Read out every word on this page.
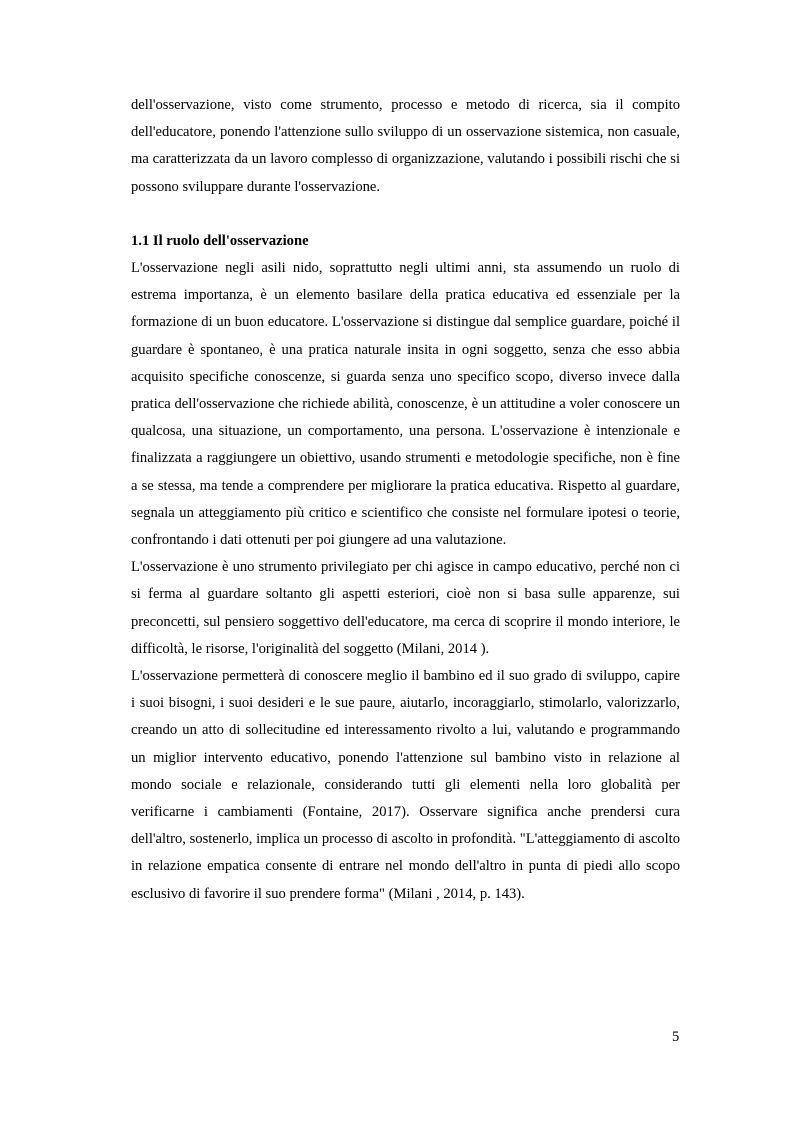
dell'osservazione, visto come strumento, processo e metodo di ricerca, sia il compito dell'educatore, ponendo l'attenzione sullo sviluppo di un osservazione sistemica, non casuale, ma caratterizzata da un lavoro complesso di organizzazione, valutando i possibili rischi che si possono sviluppare durante l'osservazione.

1.1 Il ruolo dell'osservazione

L'osservazione negli asili nido, soprattutto negli ultimi anni, sta assumendo un ruolo di estrema importanza, è un elemento basilare della pratica educativa ed essenziale per la formazione di un buon educatore. L'osservazione si distingue dal semplice guardare, poiché il guardare è spontaneo, è una pratica naturale insita in ogni soggetto, senza che esso abbia acquisito specifiche conoscenze, si guarda senza uno specifico scopo, diverso invece dalla pratica dell'osservazione che richiede abilità, conoscenze, è un attitudine a voler conoscere un qualcosa, una situazione, un comportamento, una persona. L'osservazione è intenzionale e finalizzata a raggiungere un obiettivo, usando strumenti e metodologie specifiche, non è fine a se stessa, ma tende a comprendere per migliorare la pratica educativa. Rispetto al guardare, segnala un atteggiamento più critico e scientifico che consiste nel formulare ipotesi o teorie, confrontando i dati ottenuti per poi giungere ad una valutazione.

L'osservazione è uno strumento privilegiato per chi agisce in campo educativo, perché non ci si ferma al guardare soltanto gli aspetti esteriori, cioè non si basa sulle apparenze, sui preconcetti, sul pensiero soggettivo dell'educatore, ma cerca di scoprire il mondo interiore, le difficoltà, le risorse, l'originalità del soggetto (Milani, 2014 ).

L'osservazione permetterà di conoscere meglio il bambino ed il suo grado di sviluppo, capire i suoi bisogni, i suoi desideri e le sue paure, aiutarlo, incoraggiarlo, stimolarlo, valorizzarlo, creando un atto di sollecitudine ed interessamento rivolto a lui, valutando e programmando un miglior intervento educativo, ponendo l'attenzione sul bambino visto in relazione al mondo sociale e relazionale, considerando tutti gli elementi nella loro globalità per verificarne i cambiamenti (Fontaine, 2017). Osservare significa anche prendersi cura dell'altro, sostenerlo, implica un processo di ascolto in profondità. "L'atteggiamento di ascolto in relazione empatica consente di entrare nel mondo dell'altro in punta di piedi allo scopo esclusivo di favorire il suo prendere forma" (Milani , 2014, p. 143).

5
